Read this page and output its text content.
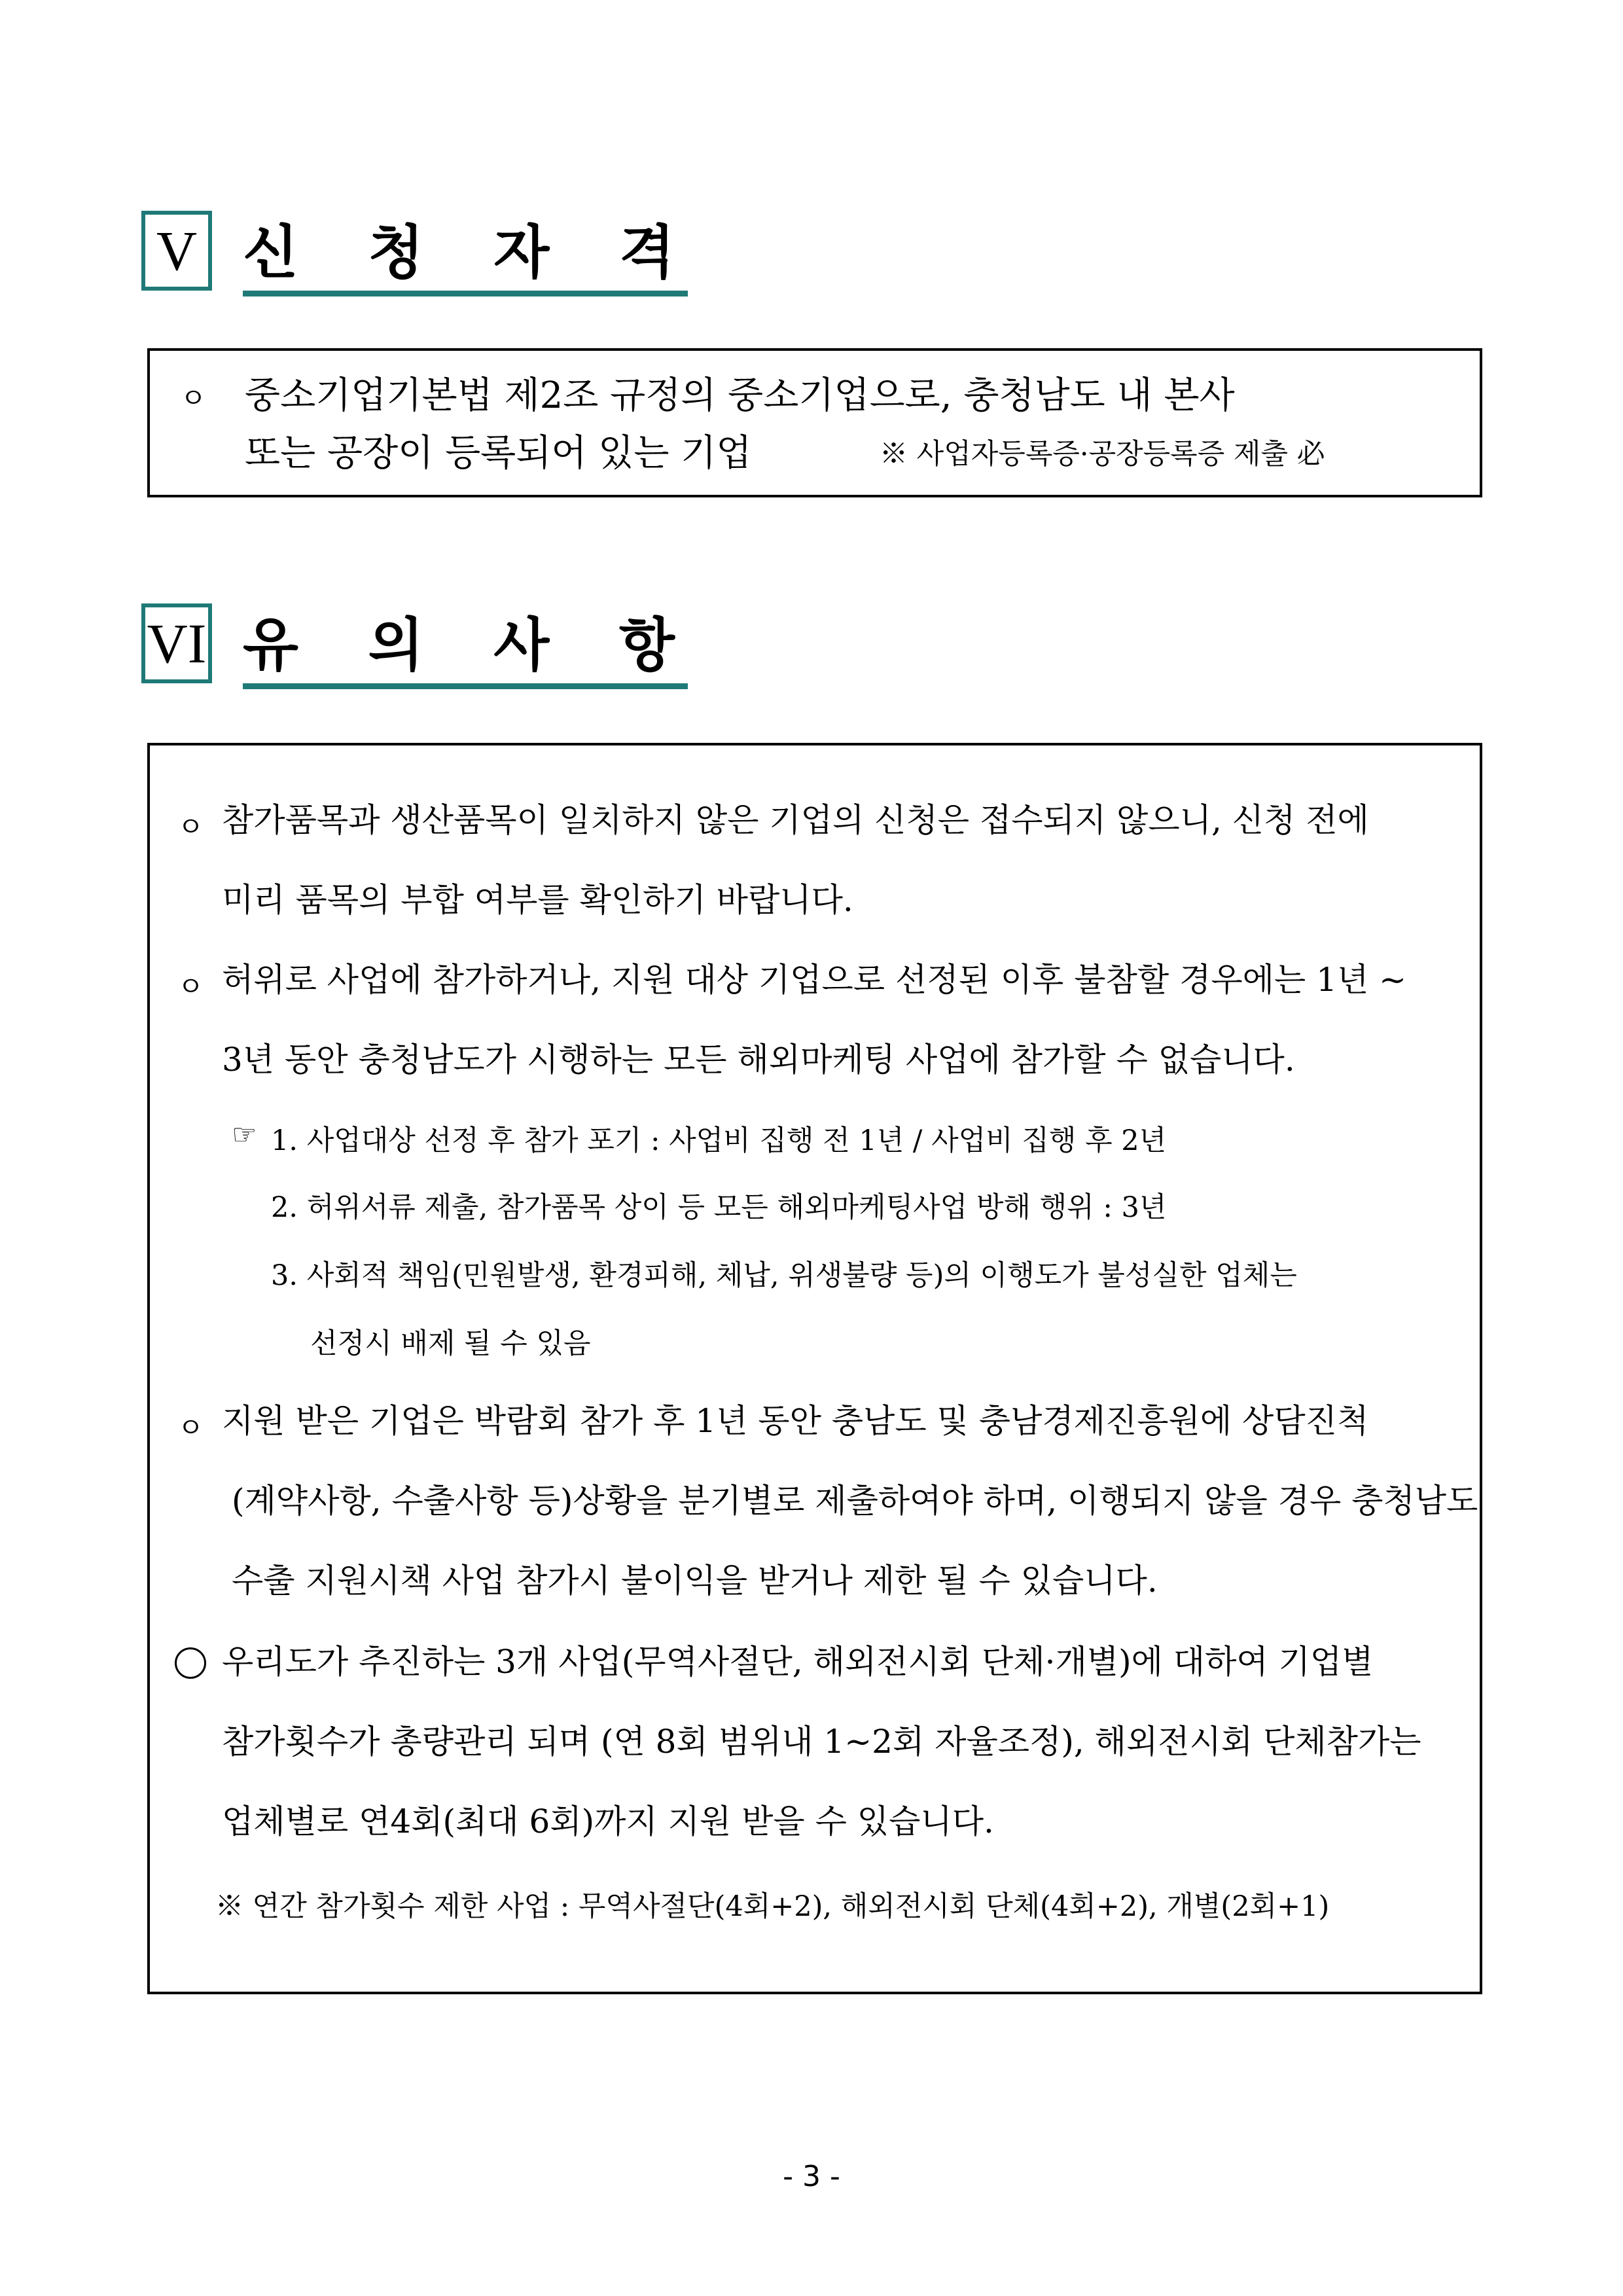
V 신 청 자 격
ㅇ 중소기업기본법 제2조 규정의 중소기업으로, 충청남도 내 본사
또는 공장이 등록되어 있는 기업	※ 사업자등록증·공장등록증 제출 必
VI 유 의 사 항
ㅇ 참가품목과 생산품목이 일치하지 않은 기업의 신청은 접수되지 않으니, 신청 전에
미리 품목의 부합 여부를 확인하기 바랍니다.
ㅇ 허위로 사업에 참가하거나, 지원 대상 기업으로 선정된 이후 불참할 경우에는 1년 ~
3년 동안 충청남도가 시행하는 모든 해외마케팅 사업에 참가할 수 없습니다.
☞ 1. 사업대상 선정 후 참가 포기 : 사업비 집행 전 1년 / 사업비 집행 후 2년
2. 허위서류 제출, 참가품목 상이 등 모든 해외마케팅사업 방해 행위 : 3년
3. 사회적 책임(민원발생, 환경피해, 체납, 위생불량 등)의 이행도가 불성실한 업체는
선정시 배제 될 수 있음
ㅇ 지원 받은 기업은 박람회 참가 후 1년 동안 충남도 및 충남경제진흥원에 상담진척
(계약사항, 수출사항 등)상황을 분기별로 제출하여야 하며, 이행되지 않을 경우 충청남도
수출 지원시책 사업 참가시 불이익을 받거나 제한 될 수 있습니다.
우리도가 추진하는 3개 사업(무역사절단, 해외전시회 단체·개별)에 대하여 기업별
참가횟수가 총량관리 되며 (연 8회 범위내 1~2회 자율조정), 해외전시회 단체참가는
업체별로 연4회(최대 6회)까지 지원 받을 수 있습니다.
※ 연간 참가횟수 제한 사업 : 무역사절단(4회+2), 해외전시회 단체(4회+2), 개별(2회+1)
- 3 -
